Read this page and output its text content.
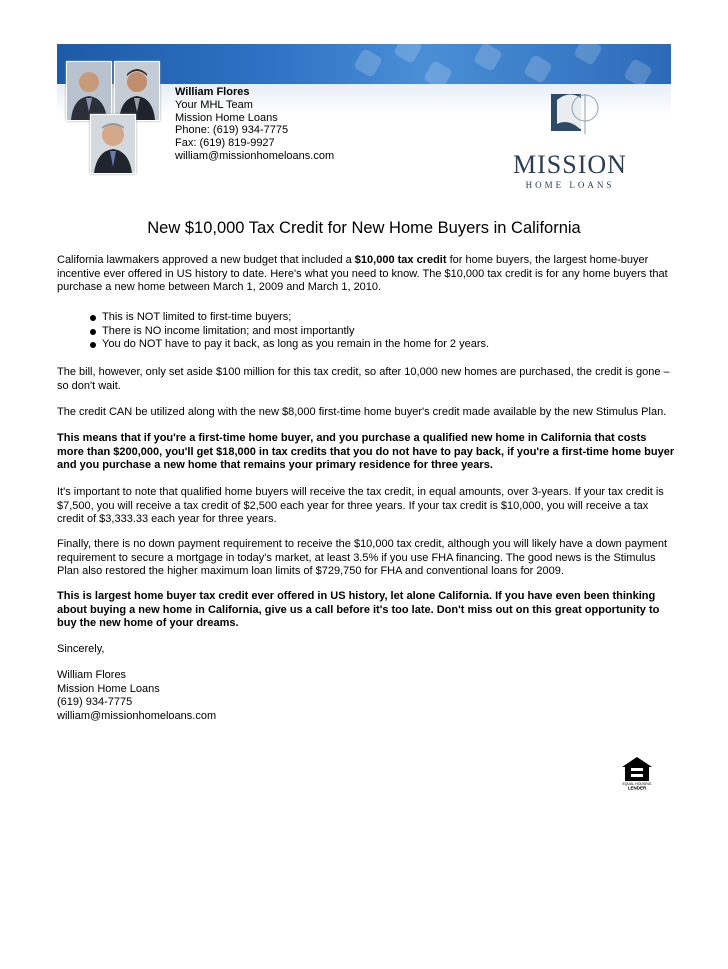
William Flores
Your MHL Team
Mission Home Loans
Phone: (619) 934-7775
Fax: (619) 819-9927
william@missionhomeloans.com	MISSION
HOME LOANS
New $10,000 Tax Credit for New Home Buyers in California

California lawmakers approved a new budget that included a $10,000 tax credit for home buyers, the largest home-buyer incentive ever offered in US history to date. Here's what you need to know. The $10,000 tax credit is for any home buyers that purchase a new home between March 1, 2009 and March 1, 2010.

This is NOT limited to first-time buyers;
There is NO income limitation; and most importantly
You do NOT have to pay it back, as long as you remain in the home for 2 years.

The bill, however, only set aside $100 million for this tax credit, so after 10,000 new homes are purchased, the credit is gone – so don't wait.

The credit CAN be utilized along with the new $8,000 first-time home buyer's credit made available by the new Stimulus Plan.

This means that if you're a first-time home buyer, and you purchase a qualified new home in California that costs more than $200,000, you'll get $18,000 in tax credits that you do not have to pay back, if you're a first-time home buyer and you purchase a new home that remains your primary residence for three years.

It's important to note that qualified home buyers will receive the tax credit, in equal amounts, over 3-years. If your tax credit is $7,500, you will receive a tax credit of $2,500 each year for three years. If your tax credit is $10,000, you will receive a tax credit of $3,333.33 each year for three years.

Finally, there is no down payment requirement to receive the $10,000 tax credit, although you will likely have a down payment requirement to secure a mortgage in today's market, at least 3.5% if you use FHA financing. The good news is the Stimulus Plan also restored the higher maximum loan limits of $729,750 for FHA and conventional loans for 2009.

This is largest home buyer tax credit ever offered in US history, let alone California. If you have even been thinking about buying a new home in California, give us a call before it's too late. Don't miss out on this great opportunity to buy the new home of your dreams.

Sincerely,
William Flores
Mission Home Loans
(619) 934-7775
william@missionhomeloans.com
EQUAL HOUSING
LENDER
